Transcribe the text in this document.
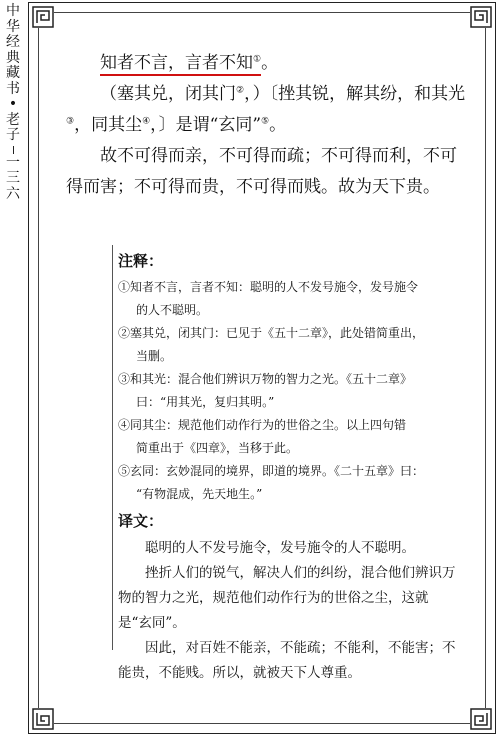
中华经典藏书
•
老子
一三六

知者不言，言者不知①。

（塞其兑，闭其门②，）〔挫其锐，解其纷，和其光③，同其尘④，〕是谓“玄同”⑤。

故不可得而亲，不可得而疏；不可得而利，不可得而害；不可得而贵，不可得而贱。故为天下贵。

注释：

①知者不言，言者不知：聪明的人不发号施令，发号施令
的人不聪明。

②塞其兑，闭其门：已见于《五十二章》，此处错简重出，
当删。

③和其光：混合他们辨识万物的智力之光。《五十二章》
曰：“用其光，复归其明。”

④同其尘：规范他们动作行为的世俗之尘。以上四句错
简重出于《四章》，当移于此。

⑤玄同：玄妙混同的境界，即道的境界。《二十五章》曰：
“有物混成，先天地生。”

译文：

聪明的人不发号施令，发号施令的人不聪明。

挫折人们的锐气，解决人们的纠纷，混合他们辨识万物的智力之光，规范他们动作行为的世俗之尘，这就是“玄同”。

因此，对百姓不能亲，不能疏；不能利，不能害；不能贵，不能贱。所以，就被天下人尊重。
